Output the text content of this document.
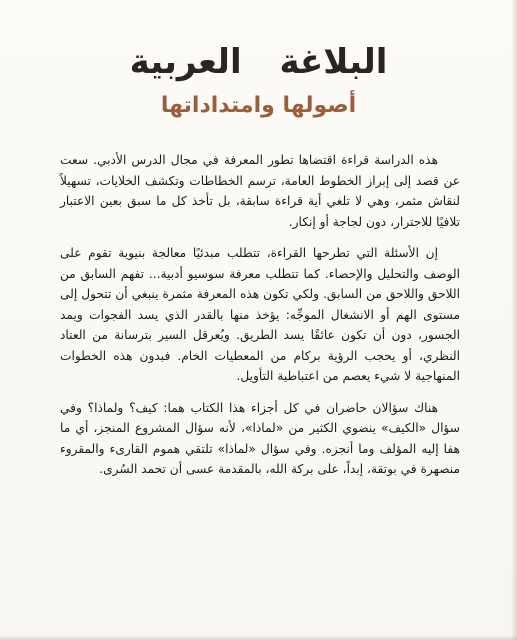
البلاغة العربية
أصولها وامتداداتها

هذه الدراسة قراءة اقتضاها تطور المعرفة في مجال الدرس الأدبي. سعت عن قصد إلى إبراز الخطوط العامة، ترسم الخطاطات وتكشف الخلايات، تسهيلاً لنقاش مثمر، وهي لا تلغي أية قراءة سابقة، بل تأخذ كل ما سبق بعين الاعتبار تلافيًا للاجترار، دون لجاجة أو إنكار.

إن الأسئلة التي تطرحها القراءة، تتطلب مبدئيًا معالجة بنيوية تقوم على الوصف والتحليل والإحصاء. كما تتطلب معرفة سوسيو أدبية... تفهم السابق من اللاحق واللاحق من السابق. ولكي تكون هذه المعرفة مثمرة ينبغي أن تتحول إلى مستوى الهم أو الانشغال الموجِّه: يؤخذ منها بالقدر الذي يسد الفجوات ويمد الجسور، دون أن تكون عائقًا يسد الطريق. ويُعرقل السير بترسانة من العتاد النظري، أو يحجب الرؤية بركام من المعطيات الخام. فبدون هذه الخطوات المنهاجية لا شيء يعصم من اعتباطية التأويل.

هناك سؤالان حاضران في كل أجزاء هذا الكتاب هما: كيف؟ ولماذا؟ وفي سؤال «الكيف» ينضوي الكثير من «لماذا»، لأنه سؤال المشروع المنجز، أي ما هفا إليه المؤلف وما أنجزه. وفي سؤال «لماذا» تلتقي هموم القارىء والمقروء منصهرة في بوتقة، إبداً، على بركة الله، بالمقدمة عسى أن تحمد السُرى.
